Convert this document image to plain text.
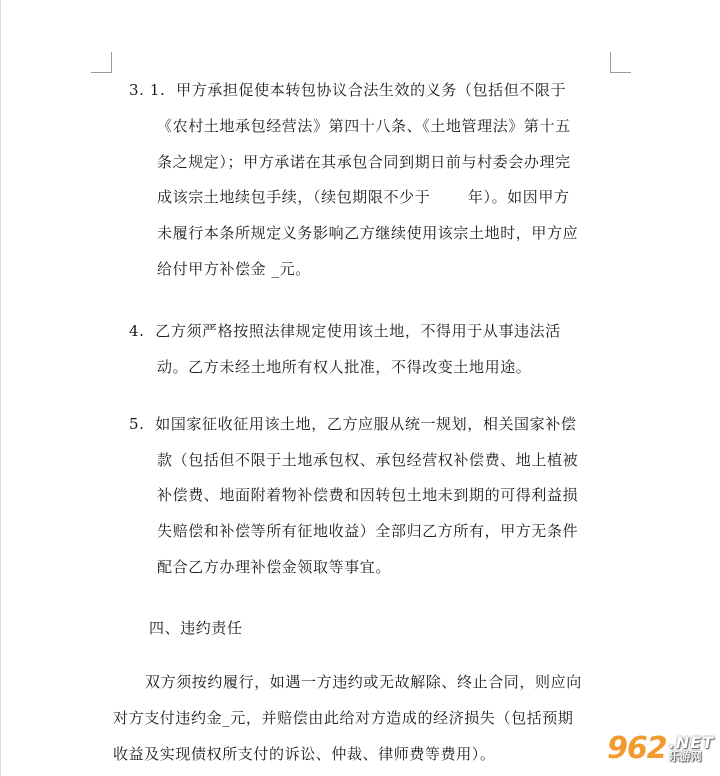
3. 1.  甲方承担促使本转包协议合法生效的义务（包括但不限于
《农村土地承包经营法》第四十八条、《土地管理法》第十五
条之规定）；甲方承诺在其承包合同到期日前与村委会办理完
成该宗土地续包手续，（续包期限不少于       年）。如因甲方
未履行本条所规定义务影响乙方继续使用该宗土地时，甲方应
给付甲方补偿金 _元。
4.  乙方须严格按照法律规定使用该土地，不得用于从事违法活
动。乙方未经土地所有权人批准，不得改变土地用途。
5.  如国家征收征用该土地，乙方应服从统一规划，相关国家补偿
款（包括但不限于土地承包权、承包经营权补偿费、地上植被
补偿费、地面附着物补偿费和因转包土地未到期的可得利益损
失赔偿和补偿等所有征地收益）全部归乙方所有，甲方无条件
配合乙方办理补偿金领取等事宜。
四、违约责任
双方须按约履行，如遇一方违约或无故解除、终止合同，则应向
对方支付违约金_元，并赔偿由此给对方造成的经济损失（包括预期
收益及实现债权所支付的诉讼、仲裁、律师费等费用）。	962 .NET
乐游网
